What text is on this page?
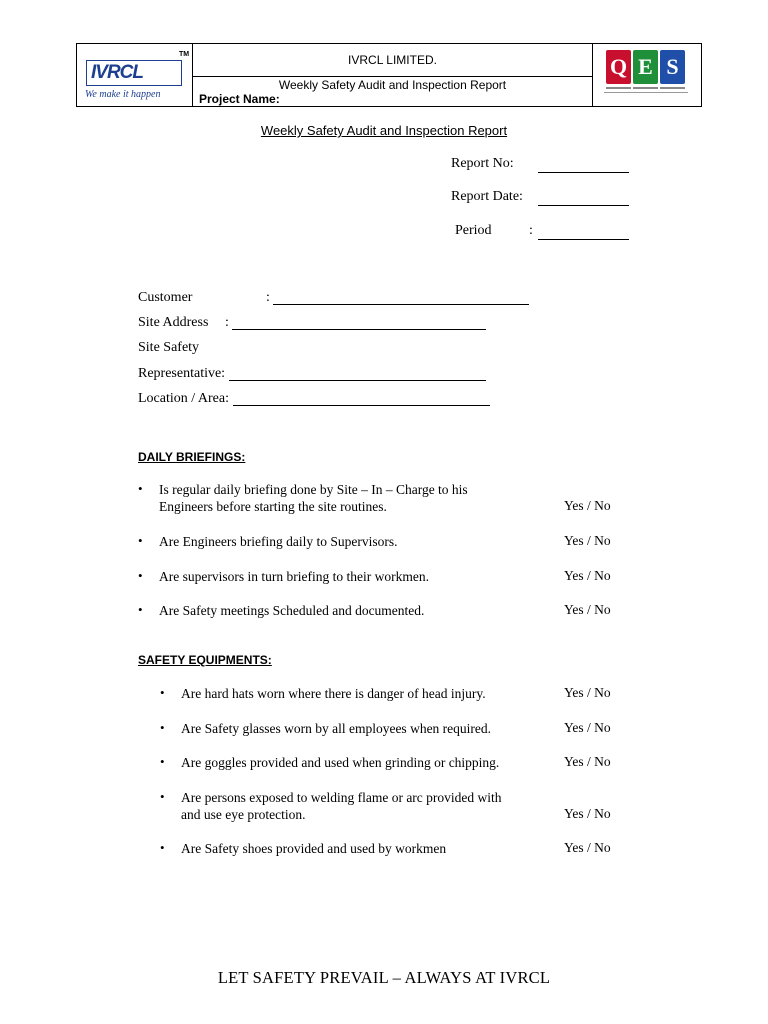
TM
IVRCL
We make it happen
IVRCL LIMITED.
Weekly Safety Audit and Inspection Report
Project Name:
Q E S
Weekly Safety Audit and Inspection Report
Report No:
Report Date:
Period	:
Customer	:
Site Address :
Site Safety
Representative:
Location / Area:
DAILY BRIEFINGS:
• Is regular daily briefing done by Site – In – Charge to his
Engineers before starting the site routines.	Yes / No
• Are Engineers briefing daily to Supervisors.	Yes / No
• Are supervisors in turn briefing to their workmen.	Yes / No
• Are Safety meetings Scheduled and documented.	Yes / No
SAFETY EQUIPMENTS:
• Are hard hats worn where there is danger of head injury.	Yes / No
• Are Safety glasses worn by all employees when required.	Yes / No
• Are goggles provided and used when grinding or chipping.	Yes / No
• Are persons exposed to welding flame or arc provided with
and use eye protection.	Yes / No
• Are Safety shoes provided and used by workmen	Yes / No
LET SAFETY PREVAIL – ALWAYS AT IVRCL
